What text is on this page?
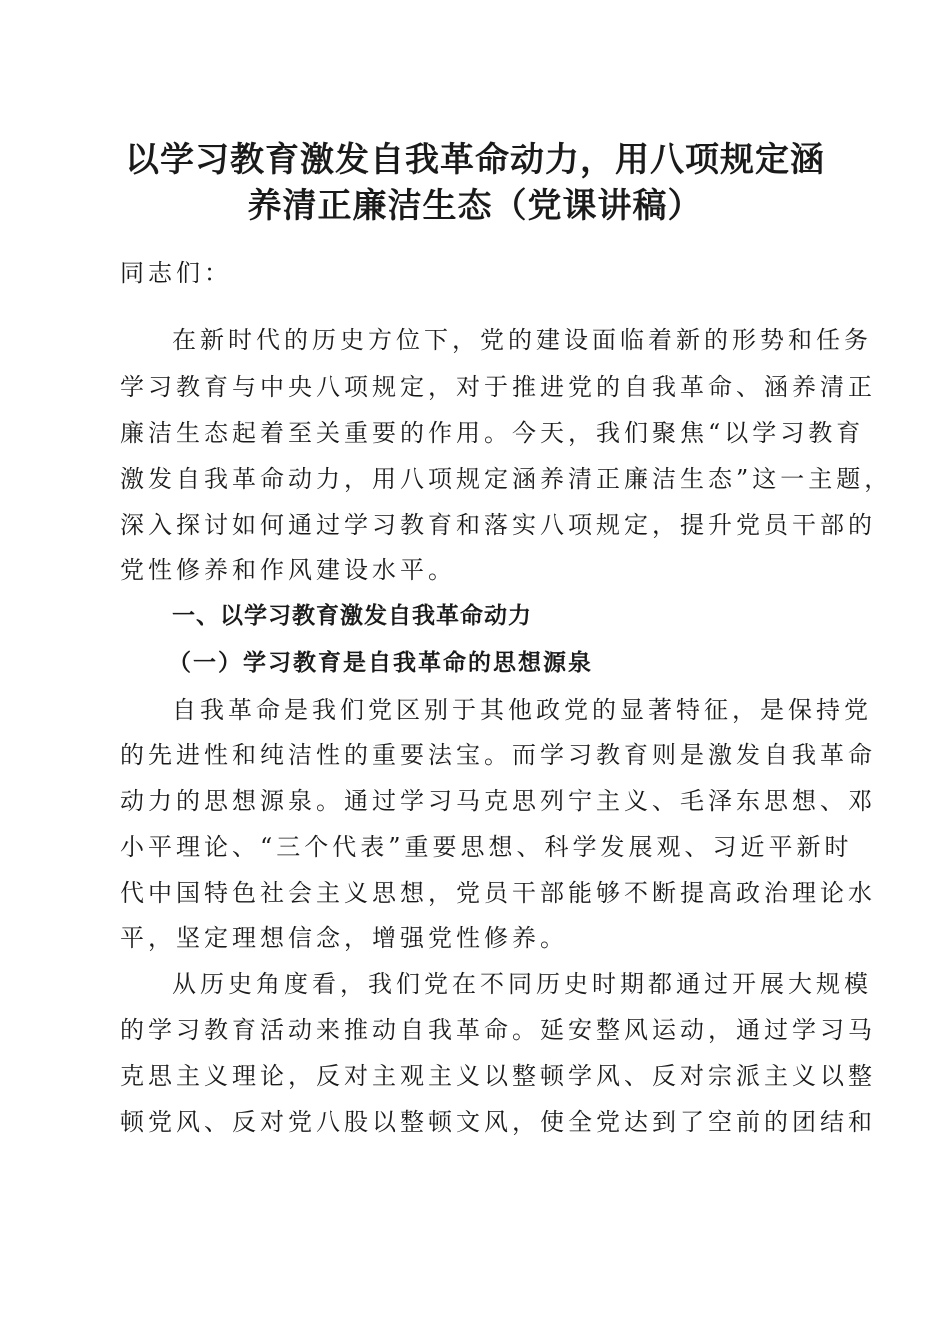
以学习教育激发自我革命动力，用八项规定涵
养清正廉洁生态（党课讲稿）

同志们：

在新时代的历史方位下，党的建设面临着新的形势和任务

学习教育与中央八项规定，对于推进党的自我革命、涵养清正

廉洁生态起着至关重要的作用。今天，我们聚焦“以学习教育

激发自我革命动力，用八项规定涵养清正廉洁生态”这一主题，

深入探讨如何通过学习教育和落实八项规定，提升党员干部的

党性修养和作风建设水平。

一、以学习教育激发自我革命动力
（一）学习教育是自我革命的思想源泉

自我革命是我们党区别于其他政党的显著特征，是保持党

的先进性和纯洁性的重要法宝。而学习教育则是激发自我革命

动力的思想源泉。通过学习马克思列宁主义、毛泽东思想、邓

小平理论、“三个代表”重要思想、科学发展观、习近平新时

代中国特色社会主义思想，党员干部能够不断提高政治理论水

平，坚定理想信念，增强党性修养。

从历史角度看，我们党在不同历史时期都通过开展大规模

的学习教育活动来推动自我革命。延安整风运动，通过学习马

克思主义理论，反对主观主义以整顿学风、反对宗派主义以整

顿党风、反对党八股以整顿文风，使全党达到了空前的团结和
